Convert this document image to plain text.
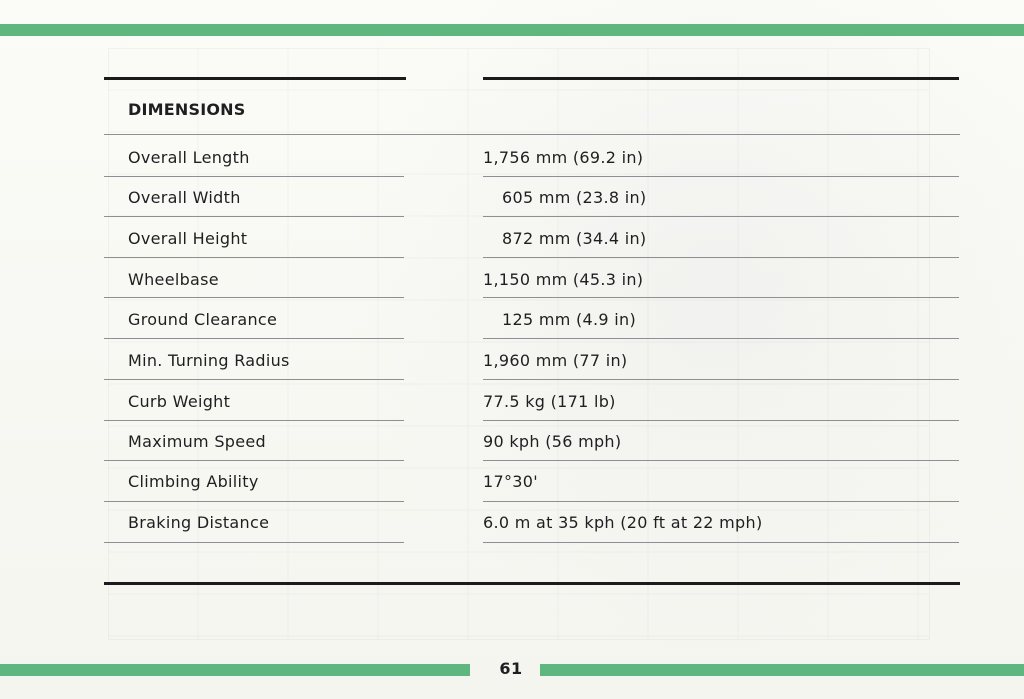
DIMENSIONS
Overall Length	1,756 mm (69.2 in)
Overall Width	605 mm (23.8 in)
Overall Height	872 mm (34.4 in)
Wheelbase	1,150 mm (45.3 in)
Ground Clearance	125 mm (4.9 in)
Min. Turning Radius	1,960 mm (77 in)
Curb Weight	77.5 kg (171 lb)
Maximum Speed	90 kph (56 mph)
Climbing Ability	17°30'
Braking Distance	6.0 m at 35 kph (20 ft at 22 mph)
61
